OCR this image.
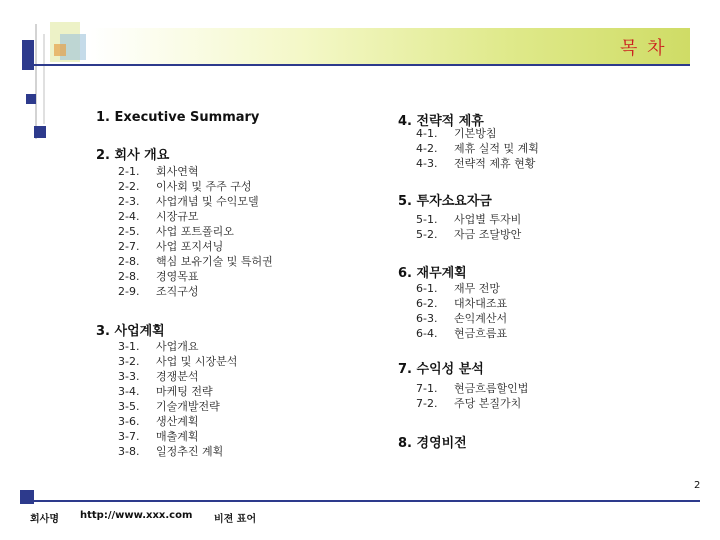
목 차
1. Executive Summary
2. 회사 개요
2-1. 회사연혁
2-2. 이사회 및 주주 구성
2-3. 사업개념 및 수익모델
2-4. 시장규모
2-5. 사업 포트폴리오
2-7. 사업 포지셔닝
2-8. 핵심 보유기술 및 특허권
2-8. 경영목표
2-9. 조직구성
3. 사업계획
3-1. 사업개요
3-2. 사업 및 시장분석
3-3. 경쟁분석
3-4. 마케팅 전략
3-5. 기술개발전략
3-6. 생산계획
3-7. 매출계획
3-8. 일정추진 계획
4. 전략적 제휴
4-1. 기본방침
4-2. 제휴 실적 및 계획
4-3. 전략적 제휴 현황
5. 투자소요자금
5-1. 사업별 투자비
5-2. 자금 조달방안
6. 재무계획
6-1. 재무 전망
6-2. 대차대조표
6-3. 손익계산서
6-4. 현금흐름표
7. 수익성 분석
7-1. 현금흐름할인법
7-2. 주당 본질가치
8. 경영비전
2
회사명 http://www.xxx.com 비젼 표어
